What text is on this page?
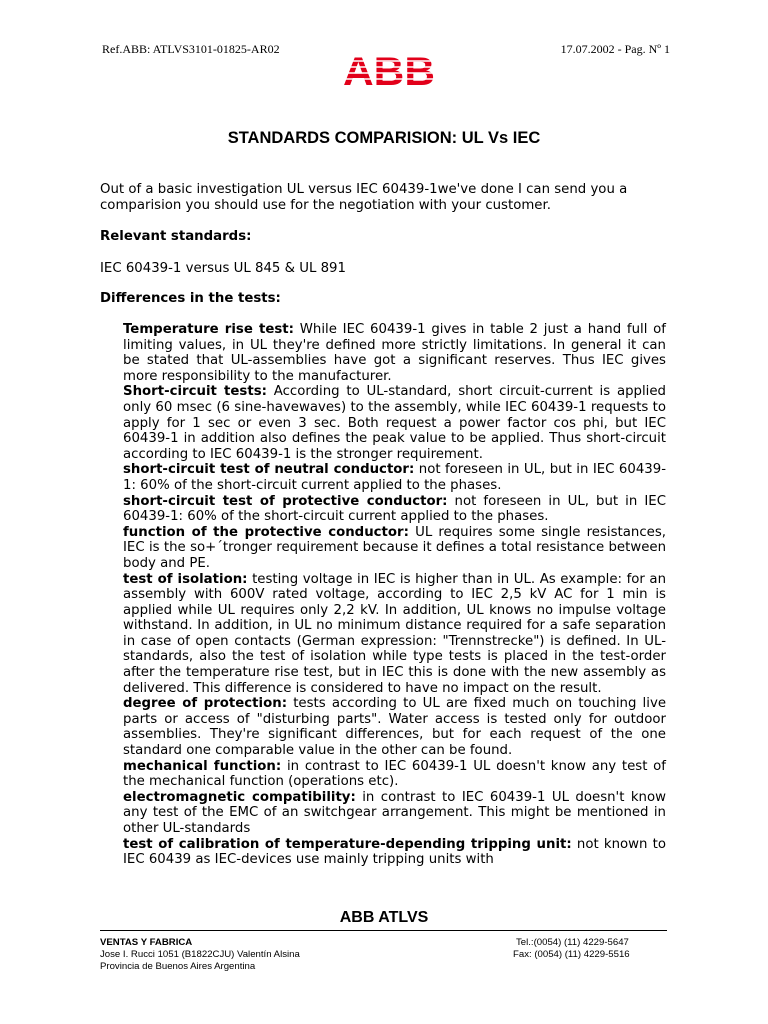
Ref.ABB: ATLVS3101-01825-AR02	17.07.2002 - Pag. Nº 1
ABB
STANDARDS COMPARISION: UL Vs IEC
Out of a basic investigation UL versus IEC 60439-1we've done I can send you a comparision you should use for the negotiation with your customer.
Relevant standards:
IEC 60439-1 versus UL 845 & UL 891
Differences in the tests:

Temperature rise test: While IEC 60439-1 gives in table 2 just a hand full of limiting values, in UL they're defined more strictly limitations. In general it can be stated that UL-assemblies have got a significant reserves. Thus IEC gives more responsibility to the manufacturer.

Short-circuit tests: According to UL-standard, short circuit-current is applied only 60 msec (6 sine-havewaves) to the assembly, while IEC 60439-1 requests to apply for 1 sec or even 3 sec. Both request a power factor cos phi, but IEC 60439-1 in addition also defines the peak value to be applied. Thus short-circuit according to IEC 60439-1 is the stronger requirement.

short-circuit test of neutral conductor: not foreseen in UL, but in IEC 60439-1: 60% of the short-circuit current applied to the phases.

short-circuit test of protective conductor: not foreseen in UL, but in IEC 60439-1: 60% of the short-circuit current applied to the phases.

function of the protective conductor: UL requires some single resistances, IEC is the so+´tronger requirement because it defines a total resistance between body and PE.

test of isolation: testing voltage in IEC is higher than in UL. As example: for an assembly with 600V rated voltage, according to IEC 2,5 kV AC for 1 min is applied while UL requires only 2,2 kV. In addition, UL knows no impulse voltage withstand. In addition, in UL no minimum distance required for a safe separation in case of open contacts (German expression: "Trennstrecke") is defined. In UL-standards, also the test of isolation while type tests is placed in the test-order after the temperature rise test, but in IEC this is done with the new assembly as delivered. This difference is considered to have no impact on the result.

degree of protection: tests according to UL are fixed much on touching live parts or access of "disturbing parts". Water access is tested only for outdoor assemblies. They're significant differences, but for each request of the one standard one comparable value in the other can be found.

mechanical function: in contrast to IEC 60439-1 UL doesn't know any test of the mechanical function (operations etc).

electromagnetic compatibility: in contrast to IEC 60439-1 UL doesn't know any test of the EMC of an switchgear arrangement. This might be mentioned in other UL-standards

test of calibration of temperature-depending tripping unit: not known to IEC 60439 as IEC-devices use mainly tripping units with

ABB ATLVS
VENTAS Y FABRICA
Jose I. Rucci 1051 (B1822CJU) Valentín Alsina
Provincia de Buenos Aires Argentina
Tel.:(0054) (11) 4229-5647
Fax: (0054) (11) 4229-5516
